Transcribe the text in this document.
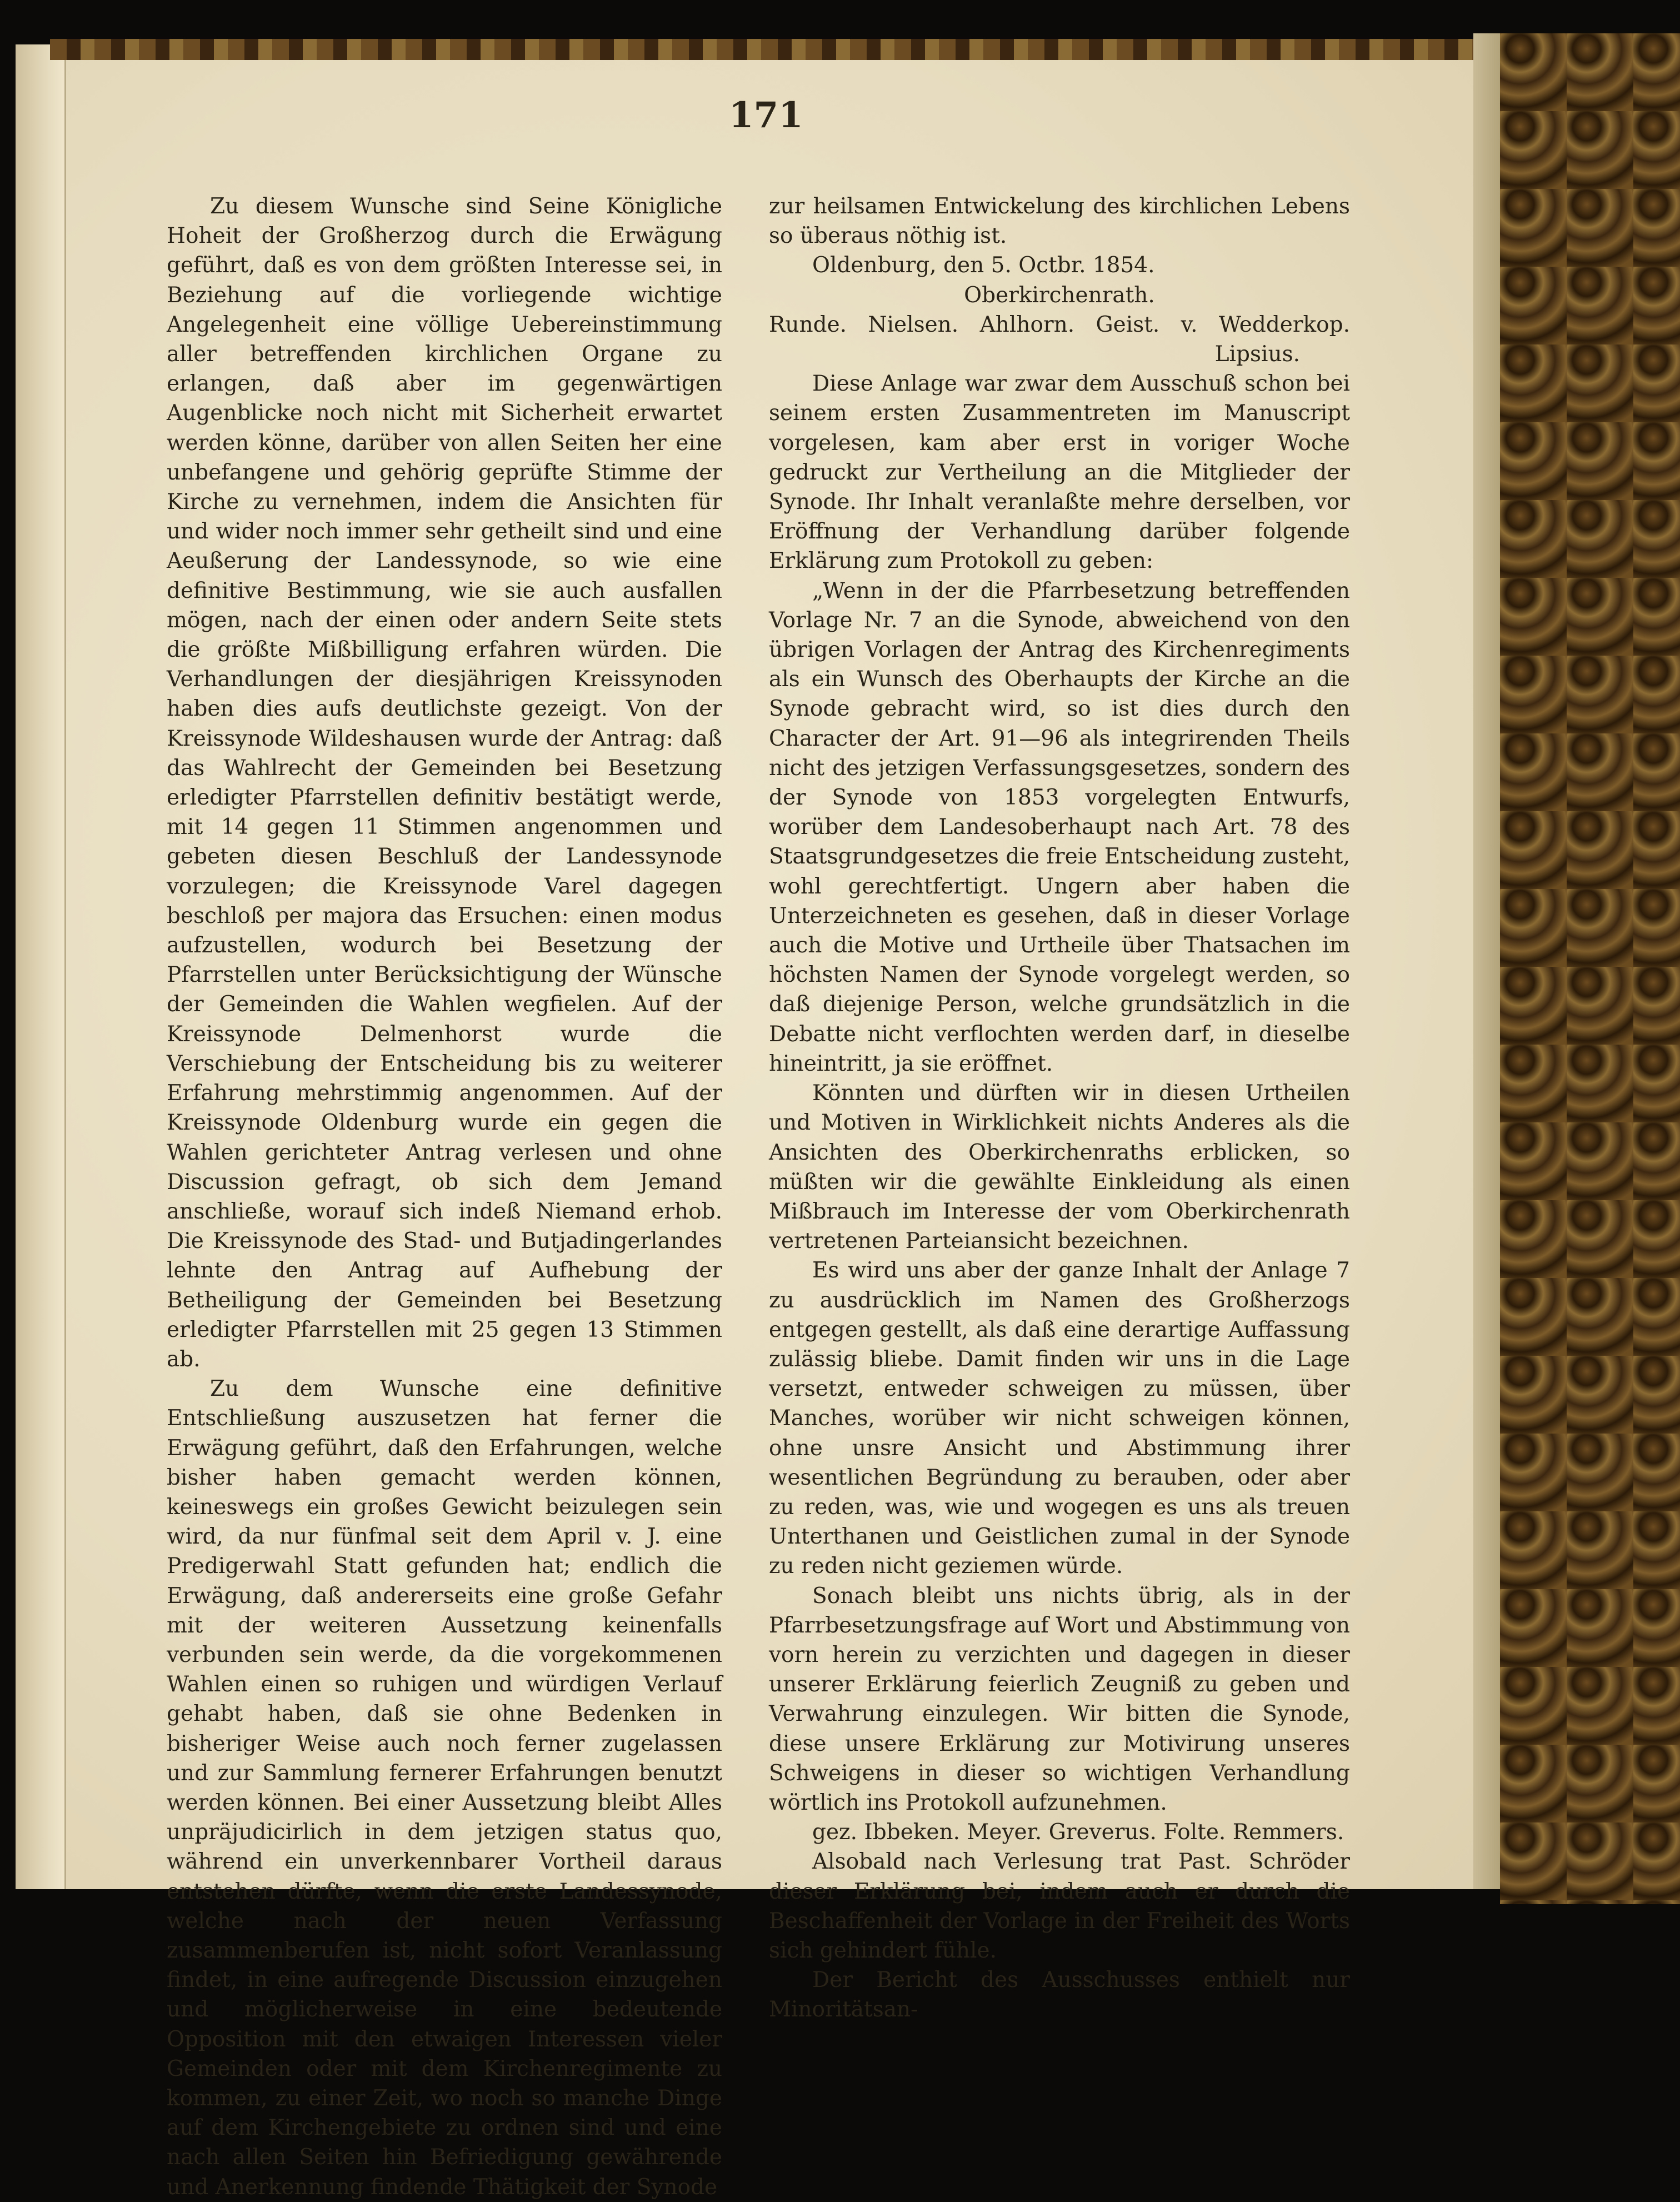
171

Zu diesem Wunsche sind Seine Königliche Hoheit der Großherzog durch die Erwägung geführt, daß es von dem größten Interesse sei, in Beziehung auf die vorliegende wichtige Angelegenheit eine völlige Uebereinstimmung aller betreffenden kirchlichen Organe zu erlangen, daß aber im gegenwärtigen Augenblicke noch nicht mit Sicherheit erwartet werden könne, darüber von allen Seiten her eine unbefangene und gehörig geprüfte Stimme der Kirche zu vernehmen, indem die Ansichten für und wider noch immer sehr getheilt sind und eine Aeußerung der Landessynode, so wie eine definitive Bestimmung, wie sie auch ausfallen mögen, nach der einen oder andern Seite stets die größte Mißbilligung erfahren würden. Die Verhandlungen der diesjährigen Kreissynoden haben dies aufs deutlichste gezeigt. Von der Kreissynode Wildeshausen wurde der Antrag: daß das Wahlrecht der Gemeinden bei Besetzung erledigter Pfarrstellen definitiv bestätigt werde, mit 14 gegen 11 Stimmen angenommen und gebeten diesen Beschluß der Landessynode vorzulegen; die Kreissynode Varel dagegen beschloß per majora das Ersuchen: einen modus aufzustellen, wodurch bei Besetzung der Pfarrstellen unter Berücksichtigung der Wünsche der Gemeinden die Wahlen wegfielen. Auf der Kreissynode Delmenhorst wurde die Verschiebung der Entscheidung bis zu weiterer Erfahrung mehrstimmig angenommen. Auf der Kreissynode Oldenburg wurde ein gegen die Wahlen gerichteter Antrag verlesen und ohne Discussion gefragt, ob sich dem Jemand anschließe, worauf sich indeß Niemand erhob. Die Kreissynode des Stad- und Butjadingerlandes lehnte den Antrag auf Aufhebung der Betheiligung der Gemeinden bei Besetzung erledigter Pfarrstellen mit 25 gegen 13 Stimmen ab.

Zu dem Wunsche eine definitive Entschließung auszusetzen hat ferner die Erwägung geführt, daß den Erfahrungen, welche bisher haben gemacht werden können, keineswegs ein großes Gewicht beizulegen sein wird, da nur fünfmal seit dem April v. J. eine Predigerwahl Statt gefunden hat; endlich die Erwägung, daß andererseits eine große Gefahr mit der weiteren Aussetzung keinenfalls verbunden sein werde, da die vorgekommenen Wahlen einen so ruhigen und würdigen Verlauf gehabt haben, daß sie ohne Bedenken in bisheriger Weise auch noch ferner zugelassen und zur Sammlung fernerer Erfahrungen benutzt werden können. Bei einer Aussetzung bleibt Alles unpräjudicirlich in dem jetzigen status quo, während ein unverkennbarer Vortheil daraus entstehen dürfte, wenn die erste Landessynode, welche nach der neuen Verfassung zusammenberufen ist, nicht sofort Veranlassung findet, in eine aufregende Discussion einzugehen und möglicherweise in eine bedeutende Opposition mit den etwaigen Interessen vieler Gemeinden oder mit dem Kirchenregimente zu kommen, zu einer Zeit, wo noch so manche Dinge auf dem Kirchengebiete zu ordnen sind und eine nach allen Seiten hin Befriedigung gewährende und Anerkennung findende Thätigkeit der Synode

zur heilsamen Entwickelung des kirchlichen Lebens so überaus nöthig ist.

Oldenburg, den 5. Octbr. 1854.

Oberkirchenrath.

Runde. Nielsen. Ahlhorn. Geist. v. Wedderkop.

Lipsius.

Diese Anlage war zwar dem Ausschuß schon bei seinem ersten Zusammentreten im Manuscript vorgelesen, kam aber erst in voriger Woche gedruckt zur Vertheilung an die Mitglieder der Synode. Ihr Inhalt veranlaßte mehre derselben, vor Eröffnung der Verhandlung darüber folgende Erklärung zum Protokoll zu geben:

„Wenn in der die Pfarrbesetzung betreffenden Vorlage Nr. 7 an die Synode, abweichend von den übrigen Vorlagen der Antrag des Kirchenregiments als ein Wunsch des Oberhaupts der Kirche an die Synode gebracht wird, so ist dies durch den Character der Art. 91—96 als integrirenden Theils nicht des jetzigen Verfassungsgesetzes, sondern des der Synode von 1853 vorgelegten Entwurfs, worüber dem Landesoberhaupt nach Art. 78 des Staatsgrundgesetzes die freie Entscheidung zusteht, wohl gerechtfertigt. Ungern aber haben die Unterzeichneten es gesehen, daß in dieser Vorlage auch die Motive und Urtheile über Thatsachen im höchsten Namen der Synode vorgelegt werden, so daß diejenige Person, welche grundsätzlich in die Debatte nicht verflochten werden darf, in dieselbe hineintritt, ja sie eröffnet.

Könnten und dürften wir in diesen Urtheilen und Motiven in Wirklichkeit nichts Anderes als die Ansichten des Oberkirchenraths erblicken, so müßten wir die gewählte Einkleidung als einen Mißbrauch im Interesse der vom Oberkirchenrath vertretenen Parteiansicht bezeichnen.

Es wird uns aber der ganze Inhalt der Anlage 7 zu ausdrücklich im Namen des Großherzogs entgegen gestellt, als daß eine derartige Auffassung zulässig bliebe. Damit finden wir uns in die Lage versetzt, entweder schweigen zu müssen, über Manches, worüber wir nicht schweigen können, ohne unsre Ansicht und Abstimmung ihrer wesentlichen Begründung zu berauben, oder aber zu reden, was, wie und wogegen es uns als treuen Unterthanen und Geistlichen zumal in der Synode zu reden nicht geziemen würde.

Sonach bleibt uns nichts übrig, als in der Pfarrbesetzungsfrage auf Wort und Abstimmung von vorn herein zu verzichten und dagegen in dieser unserer Erklärung feierlich Zeugniß zu geben und Verwahrung einzulegen. Wir bitten die Synode, diese unsere Erklärung zur Motivirung unseres Schweigens in dieser so wichtigen Verhandlung wörtlich ins Protokoll aufzunehmen.

gez. Ibbeken. Meyer. Greverus. Folte. Remmers.

Alsobald nach Verlesung trat Past. Schröder dieser Erklärung bei, indem auch er durch die Beschaffenheit der Vorlage in der Freiheit des Worts sich gehindert fühle.

Der Bericht des Ausschusses enthielt nur Minoritätsan-
